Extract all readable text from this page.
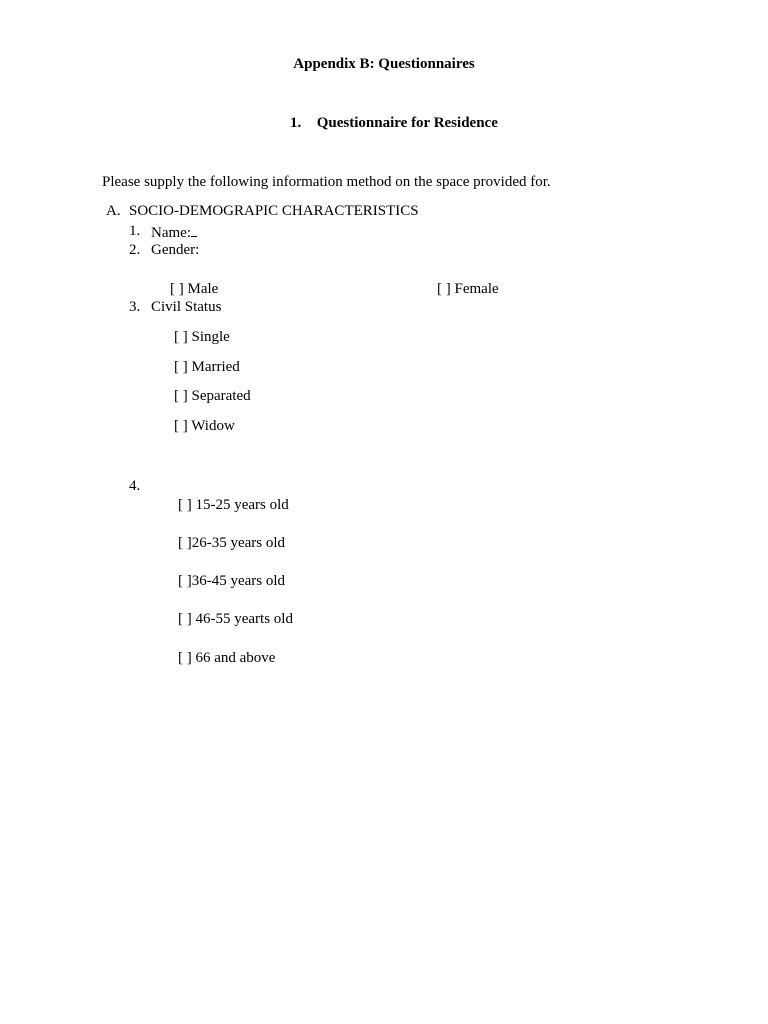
Appendix B: Questionnaires
1. Questionnaire for Residence
Please supply the following information method on the space provided for.
A. SOCIO-DEMOGRAPIC CHARACTERISTICS
1. Name:
2. Gender:
[ ] Male	[ ] Female
3. Civil Status
[ ] Single
[ ] Married
[ ] Separated
[ ] Widow
4.
[ ] 15-25 years old
[ ]26-35 years old
[ ]36-45 years old
[ ] 46-55 yearts old
[ ] 66 and above
